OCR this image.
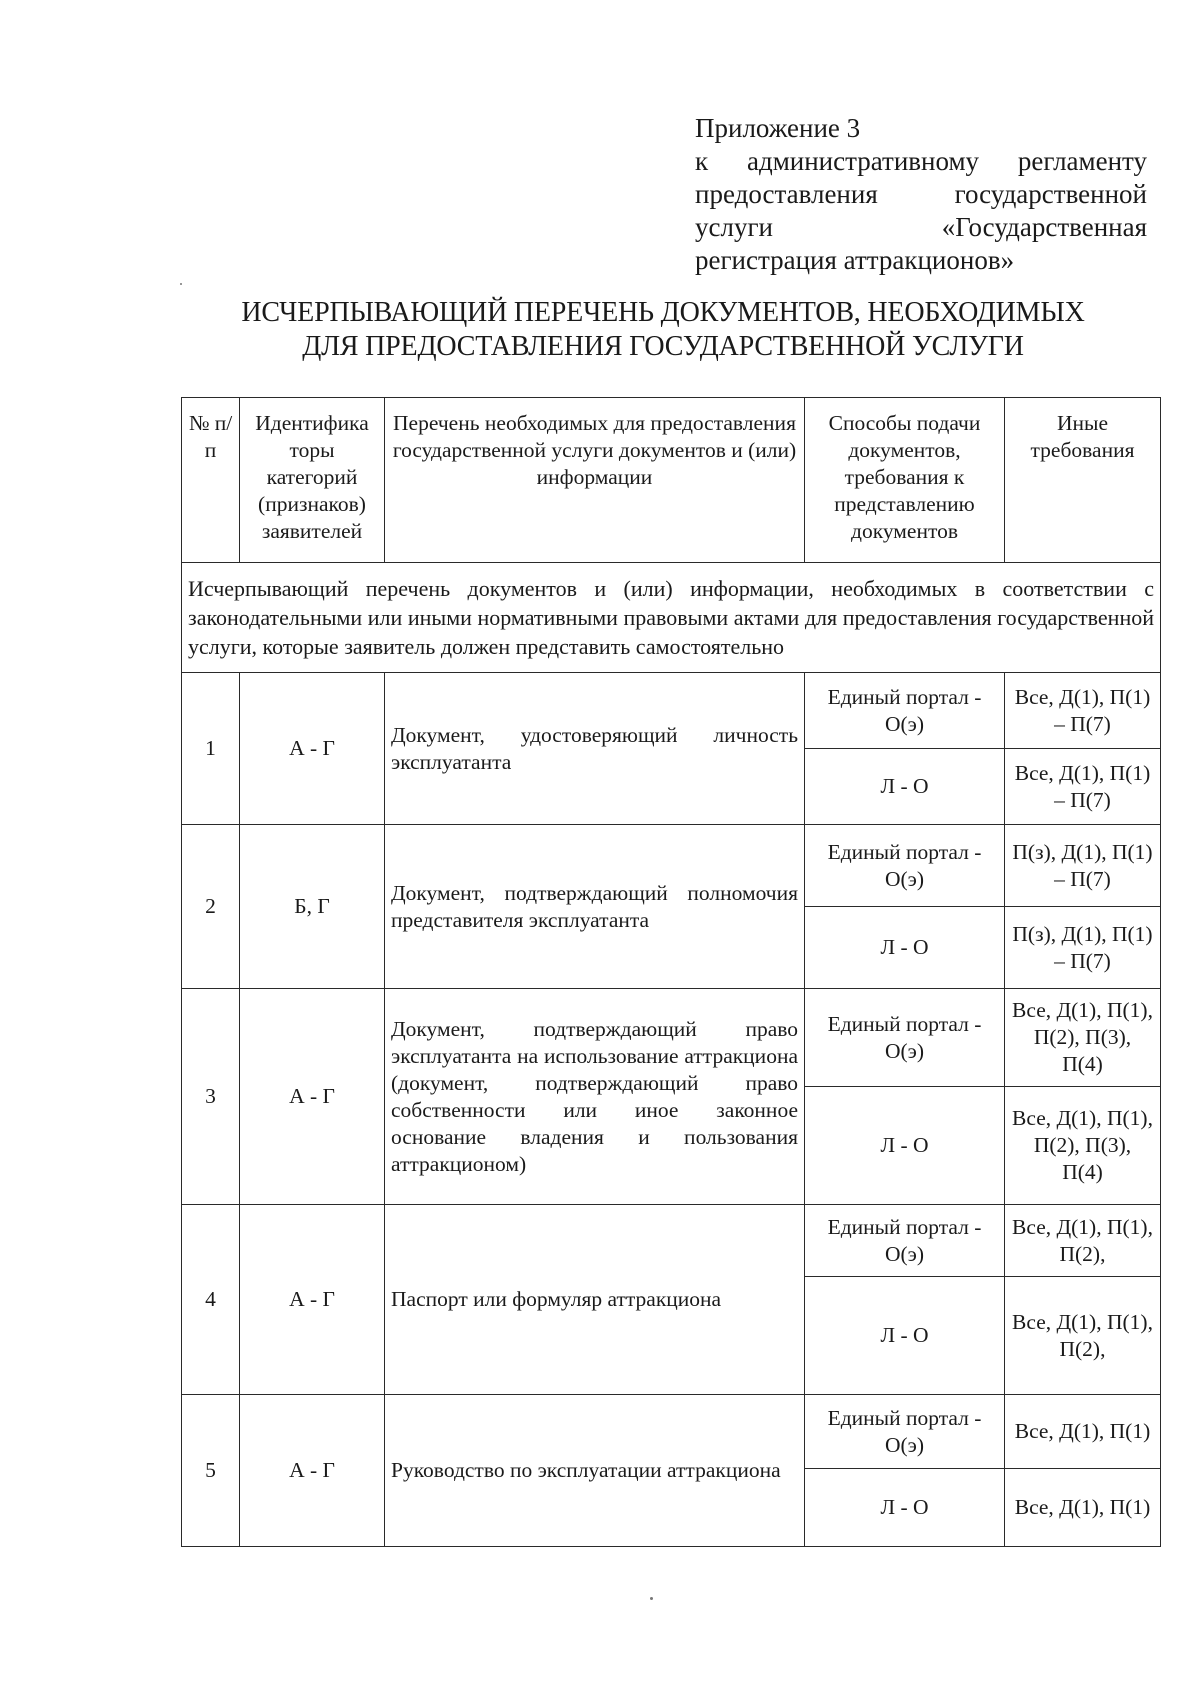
Приложение 3
к административному регламенту
предоставления государственной
услуги «Государственная
регистрация аттракционов»
ИСЧЕРПЫВАЮЩИЙ ПЕРЕЧЕНЬ ДОКУМЕНТОВ, НЕОБХОДИМЫХ
ДЛЯ ПРЕДОСТАВЛЕНИЯ ГОСУДАРСТВЕННОЙ УСЛУГИ
№ п/п	Идентифика торы категорий (признаков) заявителей	Перечень необходимых для предоставления государственной услуги документов и (или) информации	Способы подачи документов, требования к представлению документов	Иные требования
Исчерпывающий перечень документов и (или) информации, необходимых в соответствии с законодательными или иными нормативными правовыми актами для предоставления государственной услуги, которые заявитель должен представить самостоятельно				
1	А - Г	Документ, удостоверяющий личность эксплуатанта	Единый портал - О(э)	Все, Д(1), П(1) – П(7)
			Л - О	Все, Д(1), П(1) – П(7)
2	Б, Г	Документ, подтверждающий полномочия представителя эксплуатанта	Единый портал - О(э)	П(з), Д(1), П(1) – П(7)
			Л - О	П(з), Д(1), П(1) – П(7)
3	А - Г	Документ, подтверждающий право эксплуатанта на использование аттракциона (документ, подтверждающий право собственности или иное законное основание владения и пользования аттракционом)	Единый портал - О(э)	Все, Д(1), П(1), П(2), П(3), П(4)
			Л - О	Все, Д(1), П(1), П(2), П(3), П(4)
4	А - Г	Паспорт или формуляр аттракциона	Единый портал - О(э)	Все, Д(1), П(1), П(2),
			Л - О	Все, Д(1), П(1), П(2),
5	А - Г	Руководство по эксплуатации аттракциона	Единый портал - О(э)	Все, Д(1), П(1)
			Л - О	Все, Д(1), П(1)
